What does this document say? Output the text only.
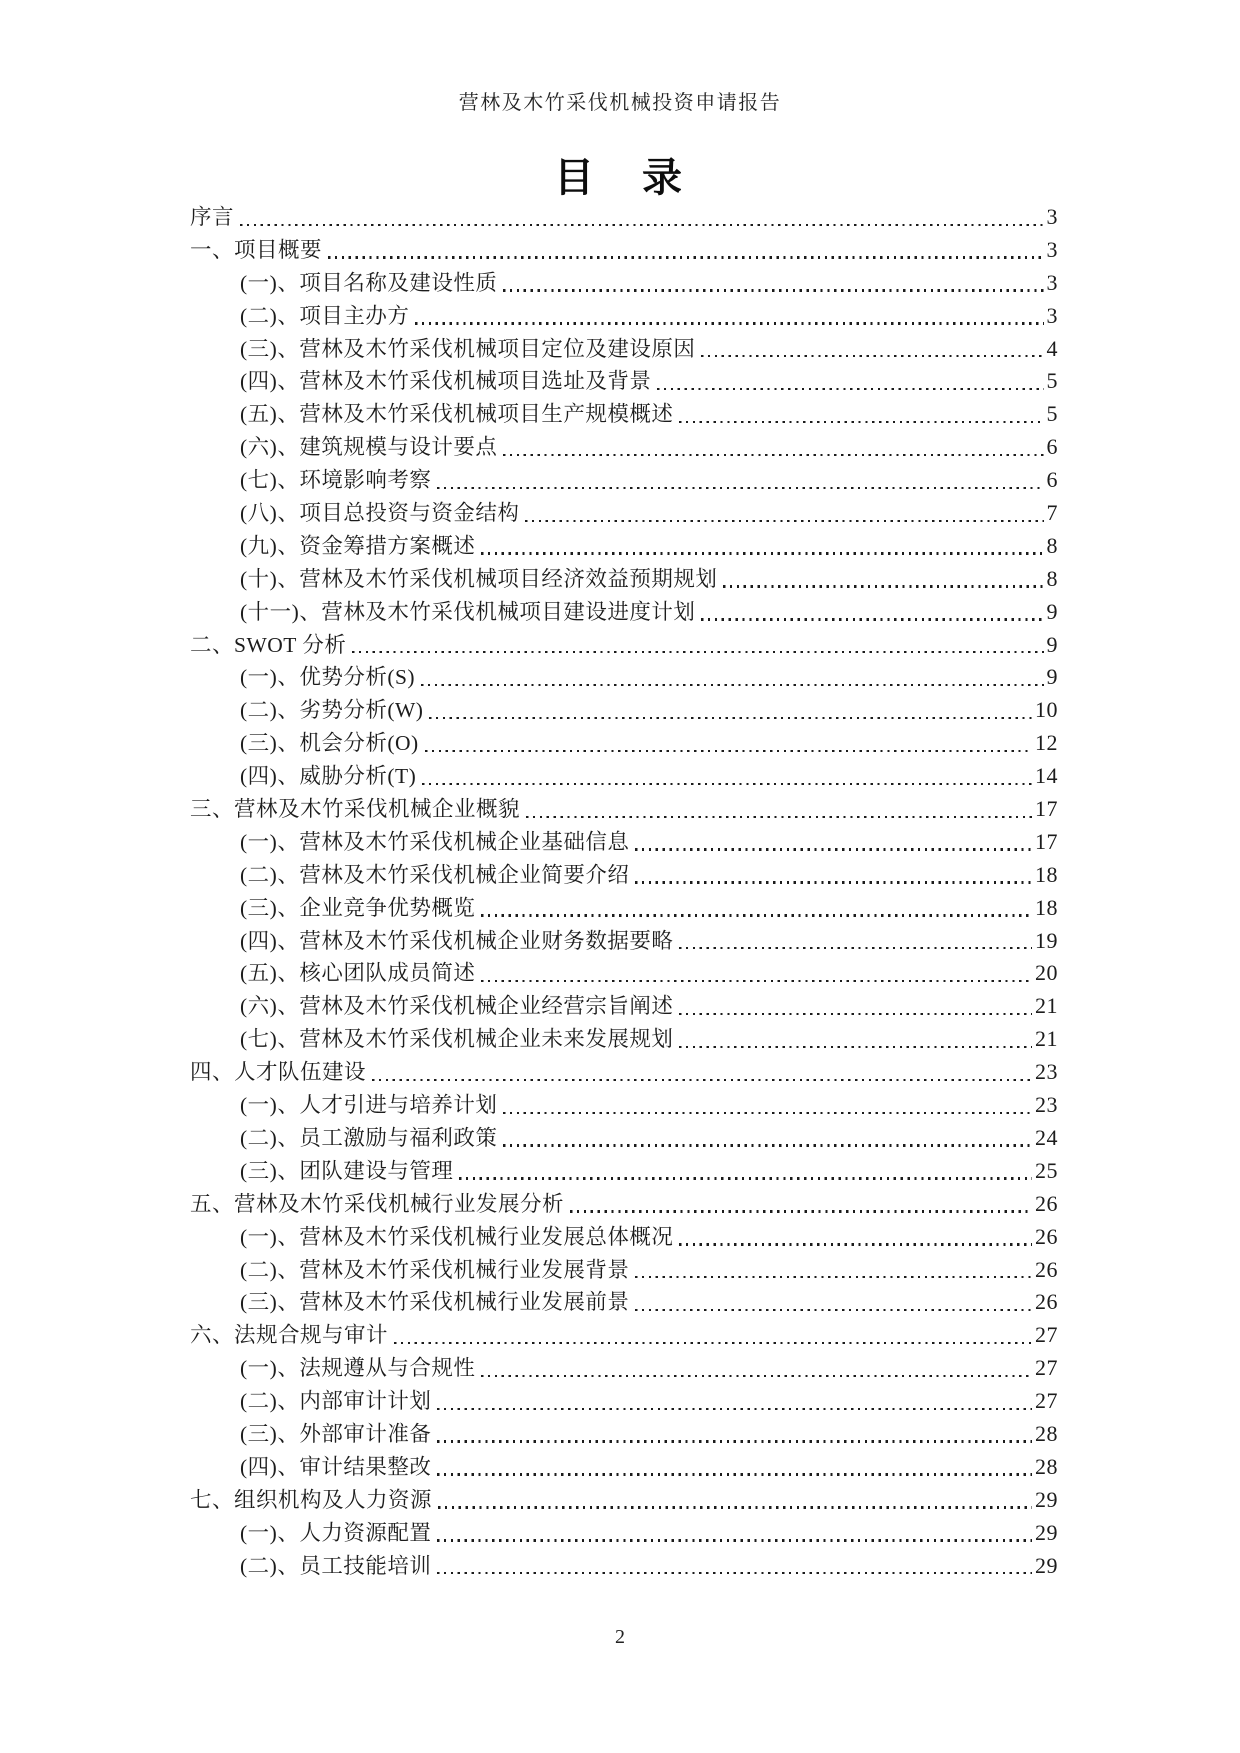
营林及木竹采伐机械投资申请报告
目　录
序言	3
一、项目概要	3
(一)、项目名称及建设性质	3
(二)、项目主办方	3
(三)、营林及木竹采伐机械项目定位及建设原因	4
(四)、营林及木竹采伐机械项目选址及背景	5
(五)、营林及木竹采伐机械项目生产规模概述	5
(六)、建筑规模与设计要点	6
(七)、环境影响考察	6
(八)、项目总投资与资金结构	7
(九)、资金筹措方案概述	8
(十)、营林及木竹采伐机械项目经济效益预期规划	8
(十一)、营林及木竹采伐机械项目建设进度计划	9
二、SWOT 分析	9
(一)、优势分析(S)	9
(二)、劣势分析(W)	10
(三)、机会分析(O)	12
(四)、威胁分析(T)	14
三、营林及木竹采伐机械企业概貌	17
(一)、营林及木竹采伐机械企业基础信息	17
(二)、营林及木竹采伐机械企业简要介绍	18
(三)、企业竞争优势概览	18
(四)、营林及木竹采伐机械企业财务数据要略	19
(五)、核心团队成员简述	20
(六)、营林及木竹采伐机械企业经营宗旨阐述	21
(七)、营林及木竹采伐机械企业未来发展规划	21
四、人才队伍建设	23
(一)、人才引进与培养计划	23
(二)、员工激励与福利政策	24
(三)、团队建设与管理	25
五、营林及木竹采伐机械行业发展分析	26
(一)、营林及木竹采伐机械行业发展总体概况	26
(二)、营林及木竹采伐机械行业发展背景	26
(三)、营林及木竹采伐机械行业发展前景	26
六、法规合规与审计	27
(一)、法规遵从与合规性	27
(二)、内部审计计划	27
(三)、外部审计准备	28
(四)、审计结果整改	28
七、组织机构及人力资源	29
(一)、人力资源配置	29
(二)、员工技能培训	29
2
